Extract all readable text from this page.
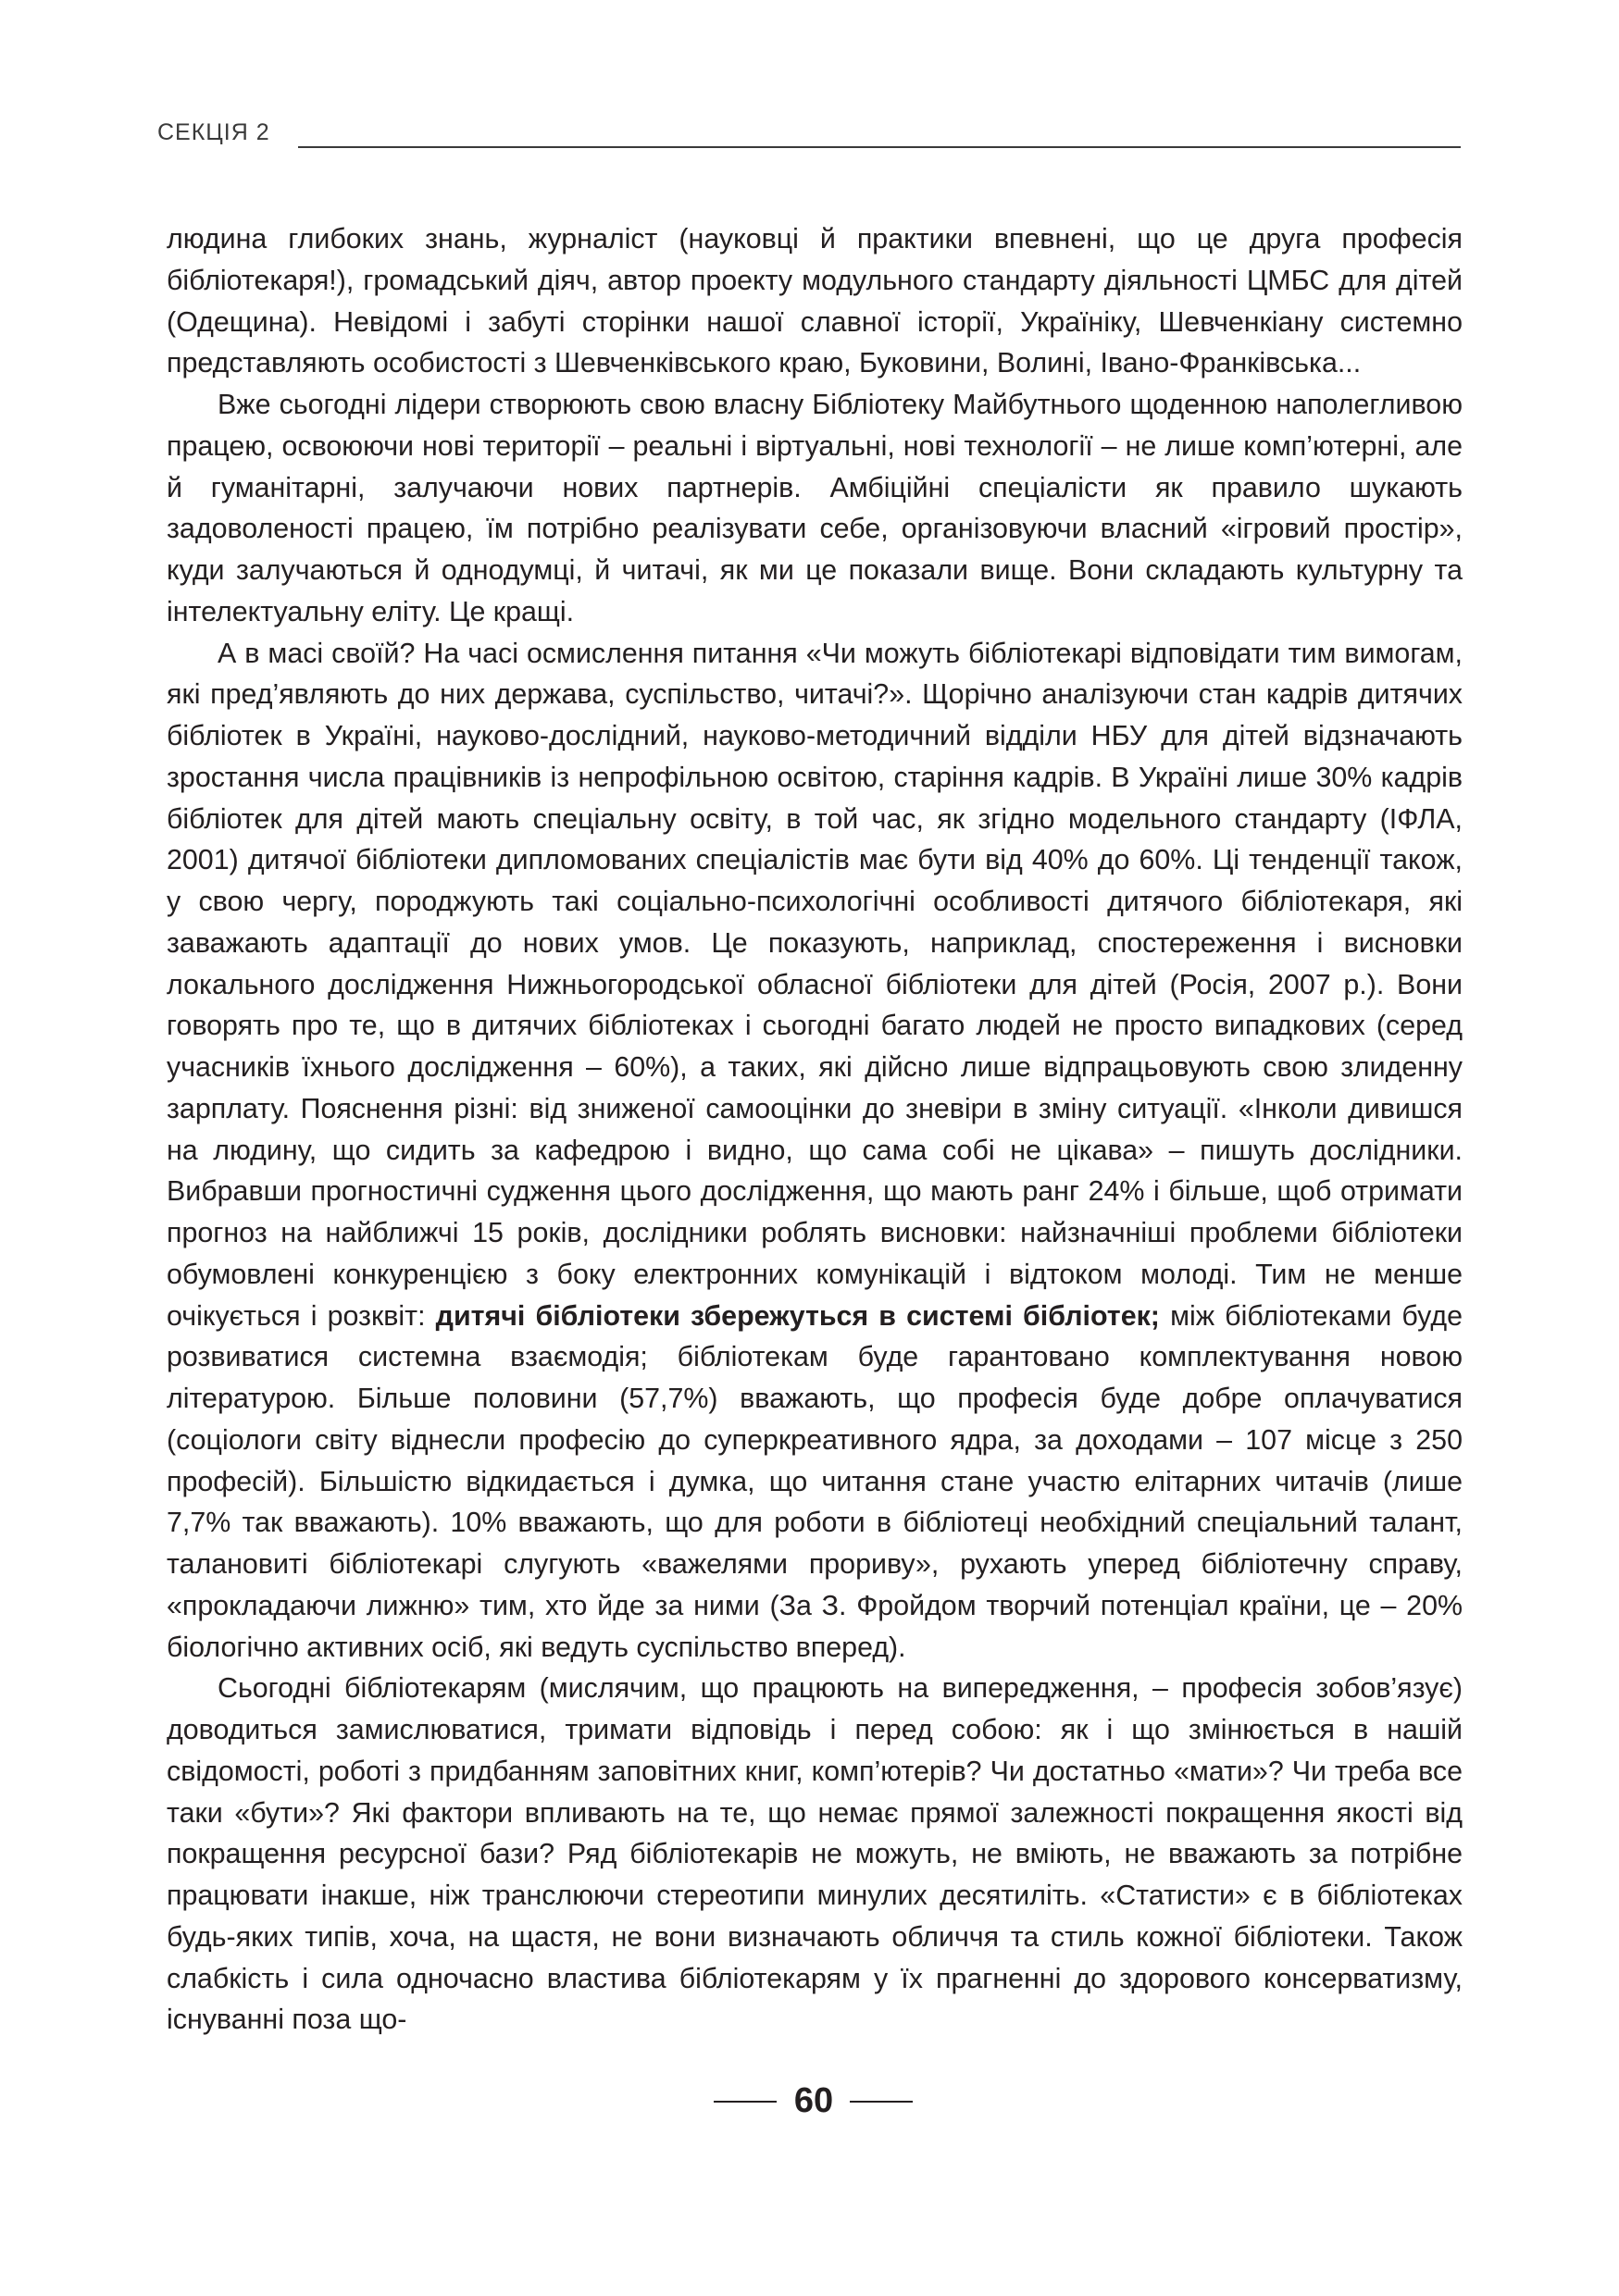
СЕКЦІЯ 2

людина глибоких знань, журналіст (науковці й практики впевнені, що це друга професія бібліотекаря!), громадський діяч, автор проекту модульного стандарту діяльності ЦМБС для дітей (Одещина). Невідомі і забуті сторінки нашої славної історії, Україніку, Шевченкіану системно представляють особистості з Шевченківського краю, Буковини, Волині, Івано-Франківська...

Вже сьогодні лідери створюють свою власну Бібліотеку Майбутнього щоденною наполегливою працею, освоюючи нові території – реальні і віртуальні, нові технології – не лише комп’ютерні, але й гуманітарні, залучаючи нових партнерів. Амбіційні спеціалісти як правило шукають задоволеності працею, їм потрібно реалізувати себе, організовуючи власний «ігровий простір», куди залучаються й однодумці, й читачі, як ми це показали вище. Вони складають культурну та інтелектуальну еліту. Це кращі.

А в масі своїй? На часі осмислення питання «Чи можуть бібліотекарі відповідати тим вимогам, які пред’являють до них держава, суспільство, читачі?». Щорічно аналізуючи стан кадрів дитячих бібліотек в Україні, науково-дослідний, науково-методичний відділи НБУ для дітей відзначають зростання числа працівників із непрофільною освітою, старіння кадрів. В Україні лише 30% кадрів бібліотек для дітей мають спеціальну освіту, в той час, як згідно модельного стандарту (ІФЛА, 2001) дитячої бібліотеки дипломованих спеціалістів має бути від 40% до 60%. Ці тенденції також, у свою чергу, породжують такі соціально-психологічні особливості дитячого бібліотекаря, які заважають адаптації до нових умов. Це показують, наприклад, спостереження і висновки локального дослідження Нижньогородської обласної бібліотеки для дітей (Росія, 2007 р.). Вони говорять про те, що в дитячих бібліотеках і сьогодні багато людей не просто випадкових (серед учасників їхнього дослідження – 60%), а таких, які дійсно лише відпрацьовують свою злиденну зарплату. Пояснення різні: від зниженої самооцінки до зневіри в зміну ситуації. «Інколи дивишся на людину, що сидить за кафедрою і видно, що сама собі не цікава» – пишуть дослідники. Вибравши прогностичні судження цього дослідження, що мають ранг 24% і більше, щоб отримати прогноз на найближчі 15 років, дослідники роблять висновки: найзначніші проблеми бібліотеки обумовлені конкуренцією з боку електронних комунікацій і відтоком молоді. Тим не менше очікується і розквіт: дитячі бібліотеки збережуться в системі бібліотек; між бібліотеками буде розвиватися системна взаємодія; бібліотекам буде гарантовано комплектування новою літературою. Більше половини (57,7%) вважають, що професія буде добре оплачуватися (соціологи світу віднесли професію до суперкреативного ядра, за доходами – 107 місце з 250 професій). Більшістю відкидається і думка, що читання стане участю елітарних читачів (лише 7,7% так вважають). 10% вважають, що для роботи в бібліотеці необхідний спеціальний талант, талановиті бібліотекарі слугують «важелями прориву», рухають уперед бібліотечну справу, «прокладаючи лижню» тим, хто йде за ними (За З. Фройдом творчий потенціал країни, це – 20% біологічно активних осіб, які ведуть суспільство вперед).

Сьогодні бібліотекарям (мислячим, що працюють на випередження, – професія зобов’язує) доводиться замислюватися, тримати відповідь і перед собою: як і що змінюється в нашій свідомості, роботі з придбанням заповітних книг, комп’ютерів? Чи достатньо «мати»? Чи треба все таки «бути»? Які фактори впливають на те, що немає прямої залежності покращення якості від покращення ресурсної бази? Ряд бібліотекарів не можуть, не вміють, не вважають за потрібне працювати інакше, ніж транслюючи стереотипи минулих десятиліть. «Статисти» є в бібліотеках будь-яких типів, хоча, на щастя, не вони визначають обличчя та стиль кожної бібліотеки. Також слабкість і сила одночасно властива бібліотекарям у їх прагненні до здорового консерватизму, існуванні поза що-

60
